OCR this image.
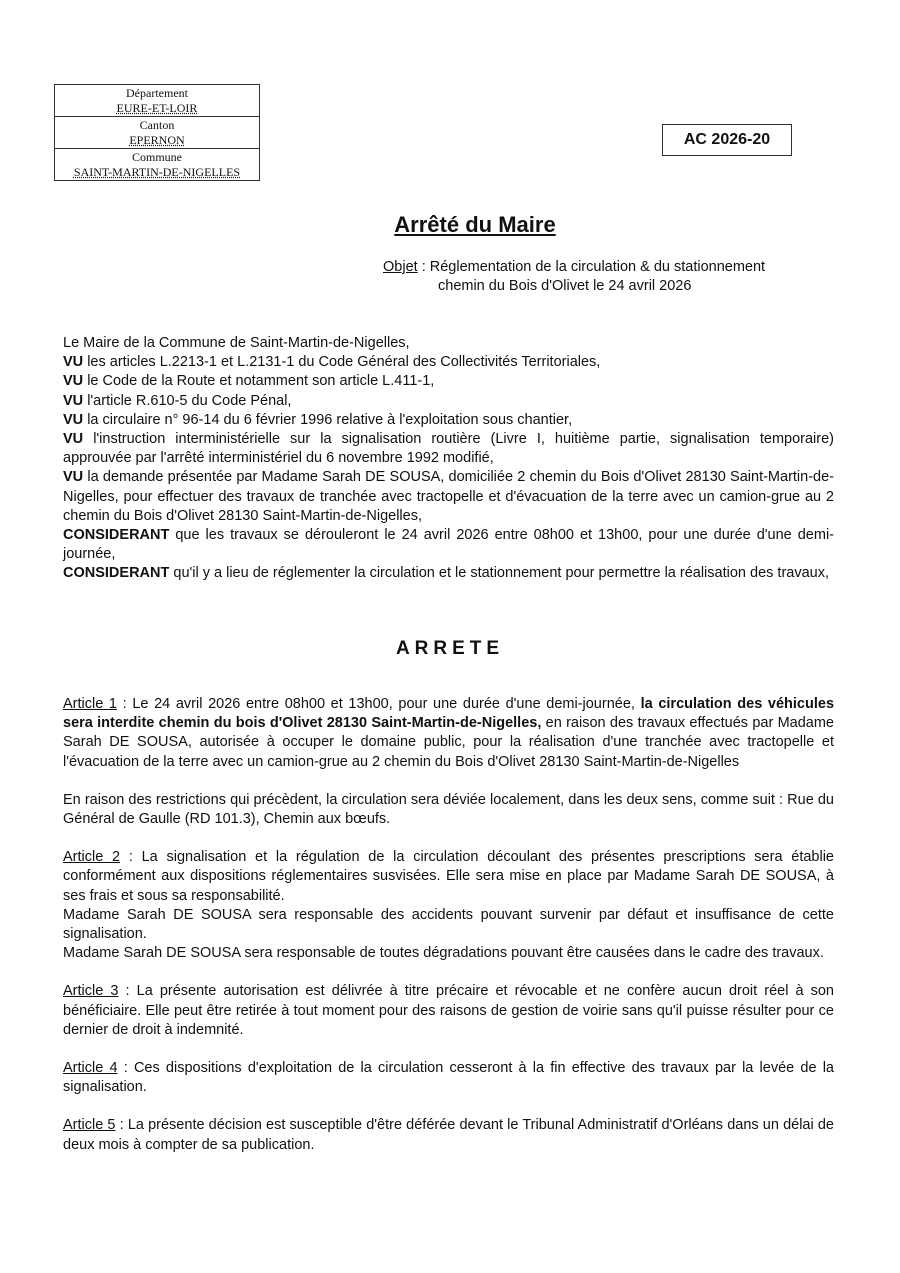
Département
EURE-ET-LOIR
Canton
EPERNON
Commune
SAINT-MARTIN-DE-NIGELLES
AC 2026-20
Arrêté du Maire
Objet : Réglementation de la circulation & du stationnement
chemin du Bois d'Olivet le 24 avril 2026

Le Maire de la Commune de Saint-Martin-de-Nigelles,

VU les articles L.2213-1 et L.2131-1 du Code Général des Collectivités Territoriales,

VU le Code de la Route et notamment son article L.411-1,

VU l'article R.610-5 du Code Pénal,

VU la circulaire n° 96-14 du 6 février 1996 relative à l'exploitation sous chantier,

VU l'instruction interministérielle sur la signalisation routière (Livre I, huitième partie, signalisation temporaire) approuvée par l'arrêté interministériel du 6 novembre 1992 modifié,

VU la demande présentée par Madame Sarah DE SOUSA, domiciliée 2 chemin du Bois d'Olivet 28130 Saint-Martin-de-Nigelles, pour effectuer des travaux de tranchée avec tractopelle et d'évacuation de la terre avec un camion-grue au 2 chemin du Bois d'Olivet 28130 Saint-Martin-de-Nigelles,

CONSIDERANT que les travaux se dérouleront le 24 avril 2026 entre 08h00 et 13h00, pour une durée d'une demi-journée,

CONSIDERANT qu'il y a lieu de réglementer la circulation et le stationnement pour permettre la réalisation des travaux,

ARRETE

Article 1 : Le 24 avril 2026 entre 08h00 et 13h00, pour une durée d'une demi-journée, la circulation des véhicules sera interdite chemin du bois d'Olivet 28130 Saint-Martin-de-Nigelles, en raison des travaux effectués par Madame Sarah DE SOUSA, autorisée à occuper le domaine public, pour la réalisation d'une tranchée avec tractopelle et l'évacuation de la terre avec un camion-grue au 2 chemin du Bois d'Olivet 28130 Saint-Martin-de-Nigelles

En raison des restrictions qui précèdent, la circulation sera déviée localement, dans les deux sens, comme suit : Rue du Général de Gaulle (RD 101.3), Chemin aux bœufs.

Article 2 : La signalisation et la régulation de la circulation découlant des présentes prescriptions sera établie conformément aux dispositions réglementaires susvisées. Elle sera mise en place par Madame Sarah DE SOUSA, à ses frais et sous sa responsabilité.

Madame Sarah DE SOUSA sera responsable des accidents pouvant survenir par défaut et insuffisance de cette signalisation.

Madame Sarah DE SOUSA sera responsable de toutes dégradations pouvant être causées dans le cadre des travaux.

Article 3 : La présente autorisation est délivrée à titre précaire et révocable et ne confère aucun droit réel à son bénéficiaire. Elle peut être retirée à tout moment pour des raisons de gestion de voirie sans qu'il puisse résulter pour ce dernier de droit à indemnité.

Article 4 : Ces dispositions d'exploitation de la circulation cesseront à la fin effective des travaux par la levée de la signalisation.

Article 5 : La présente décision est susceptible d'être déférée devant le Tribunal Administratif d'Orléans dans un délai de deux mois à compter de sa publication.
